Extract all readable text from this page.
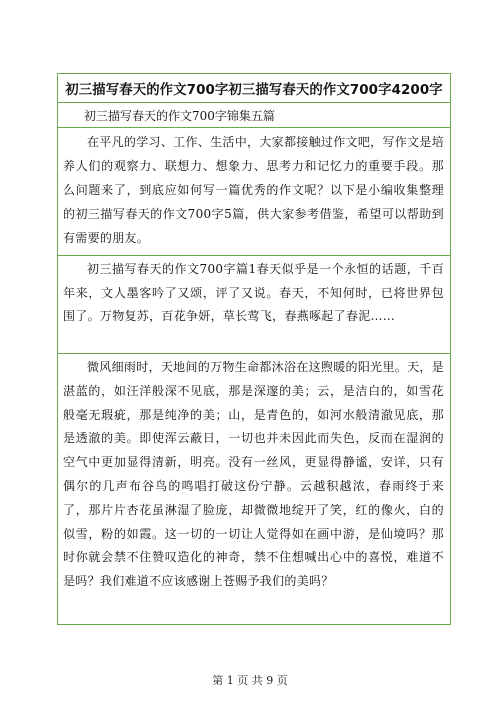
初三描写春天的作文700字初三描写春天的作文700字4200字
初三描写春天的作文700字锦集五篇

在平凡的学习、工作、生活中，大家都接触过作文吧，写作文是培养人们的观察力、联想力、想象力、思考力和记忆力的重要手段。那么问题来了，到底应如何写一篇优秀的作文呢？以下是小编收集整理的初三描写春天的作文700字5篇，供大家参考借鉴，希望可以帮助到有需要的朋友。

初三描写春天的作文700字篇1春天似乎是一个永恒的话题，千百年来，文人墨客吟了又颂，评了又说。春天，不知何时，已将世界包围了。万物复苏，百花争妍，草长莺飞，春燕啄起了春泥……

微风细雨时，天地间的万物生命都沐浴在这煦暖的阳光里。天，是湛蓝的，如汪洋般深不见底，那是深邃的美；云，是洁白的，如雪花般毫无瑕疵，那是纯净的美；山，是青色的，如河水般清澈见底，那是透澈的美。即使浑云蔽日，一切也并未因此而失色，反而在湿润的空气中更加显得清新，明亮。没有一丝风，更显得静谧，安详，只有偶尔的几声布谷鸟的鸣唱打破这份宁静。云越积越浓，春雨终于来了，那片片杏花虽淋湿了脸庞，却微微地绽开了笑，红的像火，白的似雪，粉的如霞。这一切的一切让人觉得如在画中游，是仙境吗？那时你就会禁不住赞叹造化的神奇，禁不住想喊出心中的喜悦，难道不是吗？我们难道不应该感谢上苍赐予我们的美吗？

第 1 页 共 9 页
